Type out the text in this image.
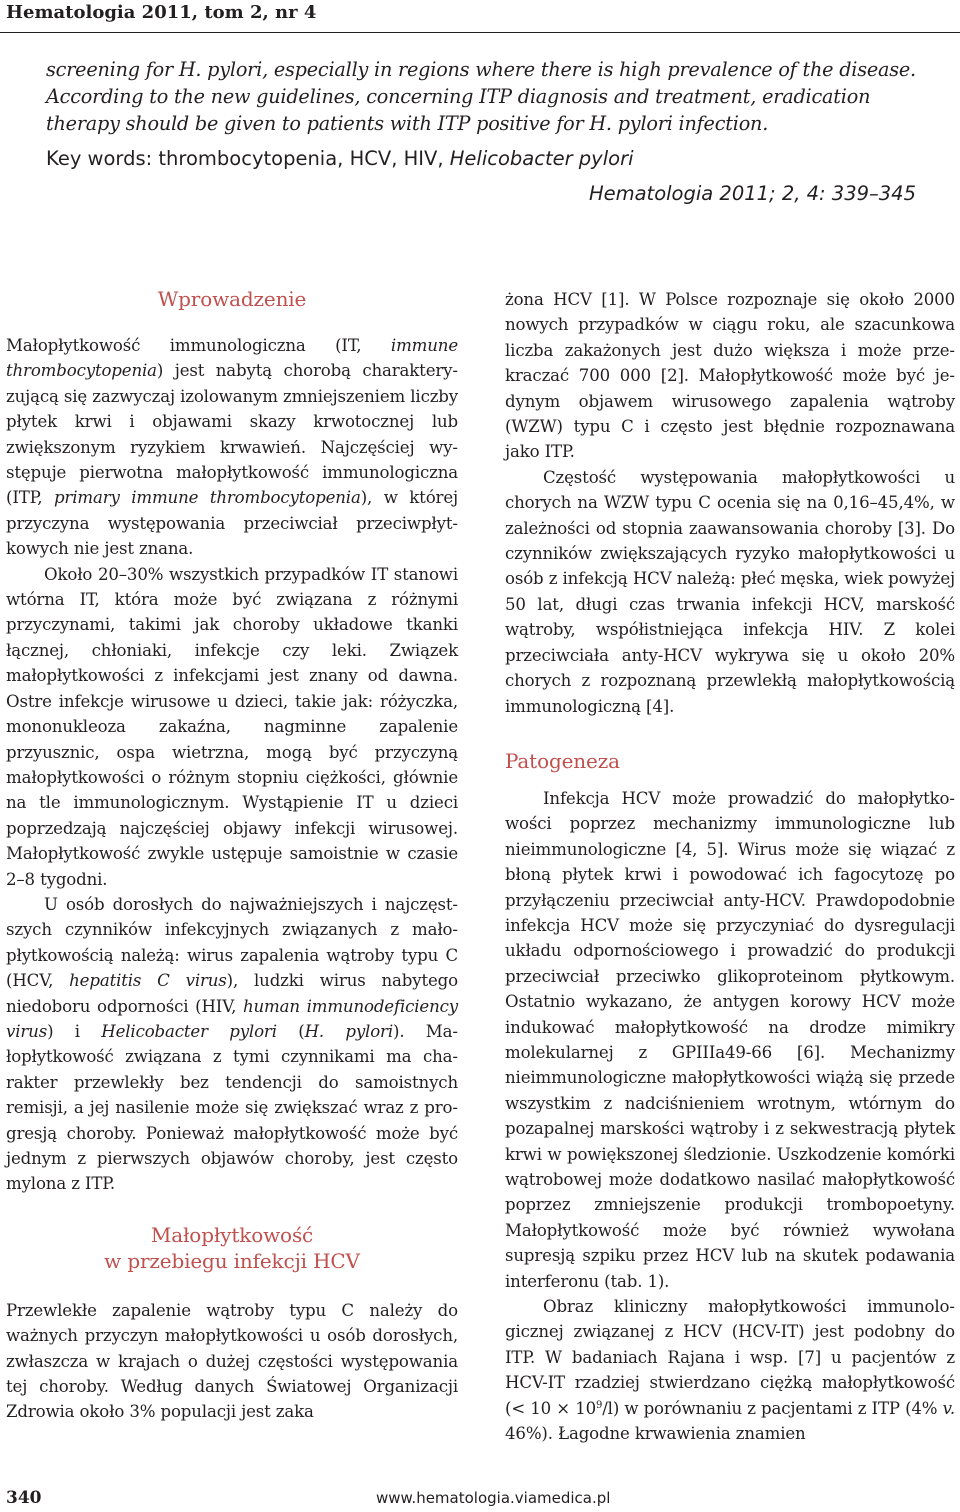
Hematologia 2011, tom 2, nr 4

screening for H. pylori, especially in regions where there is high prevalence of the disease. According to the new guidelines, concerning ITP diagnosis and treatment, eradication therapy should be given to patients with ITP positive for H. pylori infection.

Key words: thrombocytopenia, HCV, HIV, Helicobacter pylori

Hematologia 2011; 2, 4: 339–345

Wprowadzenie

Małopłytkowość immunologiczna (IT, immune thrombocytopenia) jest nabytą chorobą charakteryzującą się zazwyczaj izolowanym zmniejszeniem liczby płytek krwi i objawami skazy krwotocznej lub zwiększonym ryzykiem krwawień. Najczęściej występuje pierwotna małopłytkowość immunologiczna (ITP, primary immune thrombocytopenia), w której przyczyna występowania przeciwciał przeciwpłytkowych nie jest znana.

Około 20–30% wszystkich przypadków IT stanowi wtórna IT, która może być związana z różnymi przyczynami, takimi jak choroby układowe tkanki łącznej, chłoniaki, infekcje czy leki. Związek małopłytkowości z infekcjami jest znany od dawna. Ostre infekcje wirusowe u dzieci, takie jak: różyczka, mononukleoza zakaźna, nagminne zapalenie przyusznic, ospa wietrzna, mogą być przyczyną małopłytkowości o różnym stopniu ciężkości, głównie na tle immunologicznym. Wystąpienie IT u dzieci poprzedzają najczęściej objawy infekcji wirusowej. Małopłytkowość zwykle ustępuje samoistnie w czasie 2–8 tygodni.

U osób dorosłych do najważniejszych i najczęstszych czynników infekcyjnych związanych z małopłytkowością należą: wirus zapalenia wątroby typu C (HCV, hepatitis C virus), ludzki wirus nabytego niedoboru odporności (HIV, human immunodeficiency virus) i Helicobacter pylori (H. pylori). Małopłytkowość związana z tymi czynnikami ma charakter przewlekły bez tendencji do samoistnych remisji, a jej nasilenie może się zwiększać wraz z progresją choroby. Ponieważ małopłytkowość może być jednym z pierwszych objawów choroby, jest często mylona z ITP.

Małopłytkowość
w przebiegu infekcji HCV

Przewlekłe zapalenie wątroby typu C należy do ważnych przyczyn małopłytkowości u osób dorosłych, zwłaszcza w krajach o dużej częstości występowania tej choroby. Według danych Światowej Organizacji Zdrowia około 3% populacji jest zaka

żona HCV [1]. W Polsce rozpoznaje się około 2000 nowych przypadków w ciągu roku, ale szacunkowa liczba zakażonych jest dużo większa i może przekraczać 700 000 [2]. Małopłytkowość może być jedynym objawem wirusowego zapalenia wątroby (WZW) typu C i często jest błędnie rozpoznawana jako ITP.

Częstość występowania małopłytkowości u chorych na WZW typu C ocenia się na 0,16–45,4%, w zależności od stopnia zaawansowania choroby [3]. Do czynników zwiększających ryzyko małopłytkowości u osób z infekcją HCV należą: płeć męska, wiek powyżej 50 lat, długi czas trwania infekcji HCV, marskość wątroby, współistniejąca infekcja HIV. Z kolei przeciwciała anty-HCV wykrywa się u około 20% chorych z rozpoznaną przewlekłą małopłytkowością immunologiczną [4].

Patogeneza

Infekcja HCV może prowadzić do małopłytkowości poprzez mechanizmy immunologiczne lub nieimmunologiczne [4, 5]. Wirus może się wiązać z błoną płytek krwi i powodować ich fagocytozę po przyłączeniu przeciwciał anty-HCV. Prawdopodobnie infekcja HCV może się przyczyniać do dysregulacji układu odpornościowego i prowadzić do produkcji przeciwciał przeciwko glikoproteinom płytkowym. Ostatnio wykazano, że antygen korowy HCV może indukować małopłytkowość na drodze mimikry molekularnej z GPIIIa49-66 [6]. Mechanizmy nieimmunologiczne małopłytkowości wiążą się przede wszystkim z nadciśnieniem wrotnym, wtórnym do pozapalnej marskości wątroby i z sekwestracją płytek krwi w powiększonej śledzionie. Uszkodzenie komórki wątrobowej może dodatkowo nasilać małopłytkowość poprzez zmniejszenie produkcji trombopoetyny. Małopłytkowość może być również wywołana supresją szpiku przez HCV lub na skutek podawania interferonu (tab. 1).

Obraz kliniczny małopłytkowości immunologicznej związanej z HCV (HCV-IT) jest podobny do ITP. W badaniach Rajana i wsp. [7] u pacjentów z HCV-IT rzadziej stwierdzano ciężką małopłytkowość (< $10 \times 10^9/l$) w porównaniu z pacjentami z ITP (4% v. 46%). Łagodne krwawienia znamien

340	www.hematologia.viamedica.pl
